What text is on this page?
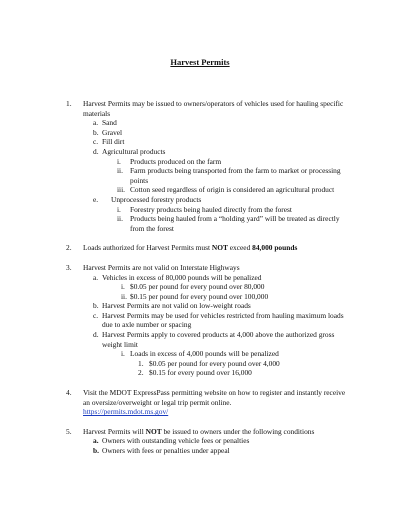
Harvest Permits
1. Harvest Permits may be issued to owners/operators of vehicles used for hauling specific materials
a. Sand
b. Gravel
c. Fill dirt
d. Agricultural products
i. Products produced on the farm
ii. Farm products being transported from the farm to market or processing points
iii. Cotton seed regardless of origin is considered an agricultural product
e. Unprocessed forestry products
i. Forestry products being hauled directly from the forest
ii. Products being hauled from a “holding yard” will be treated as directly from the forest
2. Loads authorized for Harvest Permits must NOT exceed 84,000 pounds
3. Harvest Permits are not valid on Interstate Highways
a. Vehicles in excess of 80,000 pounds will be penalized
i. $0.05 per pound for every pound over 80,000
ii. $0.15 per pound for every pound over 100,000
b. Harvest Permits are not valid on low-weight roads
c. Harvest Permits may be used for vehicles restricted from hauling maximum loads due to axle number or spacing
d. Harvest Permits apply to covered products at 4,000 above the authorized gross weight limit
i. Loads in excess of 4,000 pounds will be penalized
1. $0.05 per pound for every pound over 4,000
2. $0.15 for every pound over 16,000
4. Visit the MDOT ExpressPass permitting website on how to register and instantly receive an oversize/overweight or legal trip permit online.
https://permits.mdot.ms.gov/
5. Harvest Permits will NOT be issued to owners under the following conditions
a. Owners with outstanding vehicle fees or penalties
b. Owners with fees or penalties under appeal
